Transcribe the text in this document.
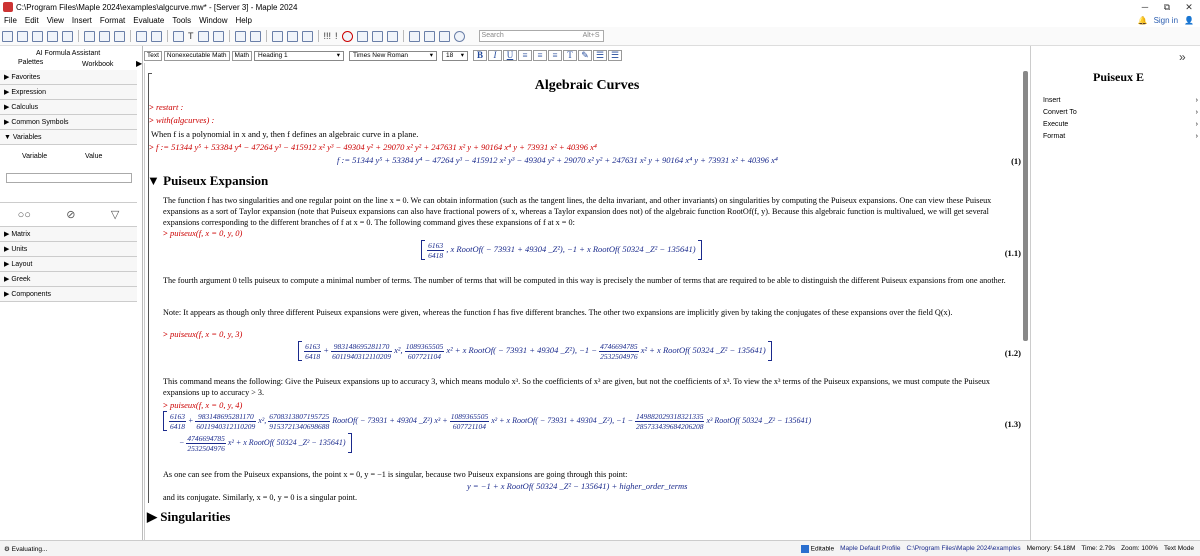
C:\Program Files\Maple 2024\examples\algcurve.mw* - [Server 3] - Maple 2024	─	⧉	✕
File	Edit	View	Insert	Format	Evaluate	Tools	Window	Help	🔔 Sign in 👤
T	!!! !	Search	Alt+S
AI Formula Assistant
Palettes	Workbook	▶
▶ Favorites
▶ Expression
▶ Calculus
▶ Common Symbols
▼ Variables
Variable	Value
○○	⊘	▽
▶ Matrix
▶ Units
▶ Layout
▶ Greek
▶ Components
Text	Nonexecutable Math	Math	Heading 1	▾ Times New Roman	▾ 18 ▾	B	I	U	≡	≡	≡	T ✎ ☰ ☰
Algebraic Curves
> restart :
> with(algcurves) :
When f is a polynomial in x and y, then f defines an algebraic curve in a plane.
> f := 51344 y⁵ + 53384 y⁴ − 47264 y³ − 415912 x² y³ − 49304 y² + 29070 x² y² + 247631 x² y + 90164 x⁴ y + 73931 x² + 40396 x⁴
f := 51344 y⁵ + 53384 y⁴ − 47264 y³ − 415912 x² y³ − 49304 y² + 29070 x² y² + 247631 x² y + 90164 x⁴ y + 73931 x² + 40396 x⁴	(1)
▼ Puiseux Expansion
The function f has two singularities and one regular point on the line x = 0. We can obtain information (such as the tangent lines, the delta invariant, and other invariants) on singularities by computing the Puiseux expansions. One can view these Puiseux expansions as a sort of Taylor expansion (note that Puiseux expansions can also have fractional powers of x, whereas a Taylor expansion does not) of the algebraic function RootOf(f, y). Because this algebraic function is multivalued, we will get several expansions corresponding to the different branches of f at x = 0. The following command gives these expansions of f at x = 0:
> puiseux(f, x = 0, y, 0)

$\frac{6163}{6418}$ , x RootOf( − 73931 + 49304 _Z²), −1 + x RootOf( 50324 _Z² − 135641)	(1.1)
The fourth argument 0 tells puiseux to compute a minimal number of terms. The number of terms that will be computed in this way is precisely the number of terms that are required to be able to distinguish the different Puiseux expansions from one another.
Note: It appears as though only three different Puiseux expansions were given, whereas the function f has five different branches. The other two expansions are implicitly given by taking the conjugates of these expansions over the field Q(x).
> puiseux(f, x = 0, y, 3)

$\frac{6163}{6418} + \frac{983148695281170}{6011940312110209} x^2$, $\frac{1089365505}{607721104} x^2 + x$ RootOf( − 73931 + 49304 _Z²), $-1 - \frac{4746694785}{2532504976} x^2 + x$ RootOf( 50324 _Z² − 135641)	(1.2)
This command means the following: Give the Puiseux expansions up to accuracy 3, which means modulo x³. So the coefficients of x² are given, but not the coefficients of x³. To view the x³ terms of the Puiseux expansions, we must compute the Puiseux expansions up to accuracy > 3.
> puiseux(f, x = 0, y, 4)

$\frac{6163}{6418} + \frac{983148695281170}{6011940312110209} x^2$, $\frac{6708313807195725}{9153721340698688}$ RootOf( − 73931 + 49304 _Z²) $x^3 + \frac{1089365505}{607721104} x^2 + x$ RootOf( − 73931 + 49304 _Z²), $-1 - \frac{149882029318321335}{285733439684206208} x^3$ RootOf( 50324 _Z² − 135641)	(1.3)
− $\frac{4746694785}{2532504976} x^2 + x$ RootOf( 50324 _Z² − 135641)
As one can see from the Puiseux expansions, the point x = 0, y = −1 is singular, because two Puiseux expansions are going through this point:
y = −1 + x RootOf( 50324 _Z² − 135641) + higher_order_terms
and its conjugate. Similarly, x = 0, y = 0 is a singular point.
▶ Singularities
»
Puiseux E
Insert	›
Convert To	›
Execute	›
Format	›
⚙ Evaluating...	Editable Maple Default Profile C:\Program Files\Maple 2024\examples Memory: 54.18M Time: 2.79s Zoom: 100% Text Mode
